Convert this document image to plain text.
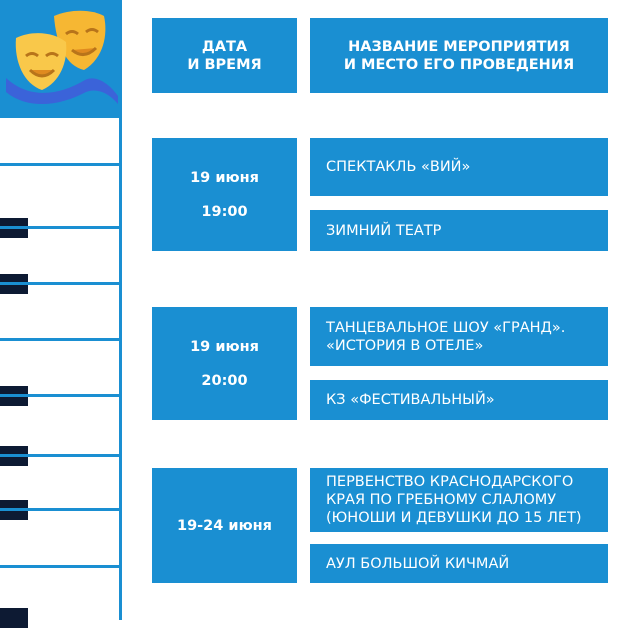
ДАТА
И ВРЕМЯ
НАЗВАНИЕ МЕРОПРИЯТИЯ
И МЕСТО ЕГО ПРОВЕДЕНИЯ
19 июня
19:00
СПЕКТАКЛЬ «ВИЙ»
ЗИМНИЙ ТЕАТР
19 июня
20:00
ТАНЦЕВАЛЬНОЕ ШОУ «ГРАНД».
«ИСТОРИЯ В ОТЕЛЕ»
КЗ «ФЕСТИВАЛЬНЫЙ»
19-24 июня
ПЕРВЕНСТВО КРАСНОДАРСКОГО
КРАЯ ПО ГРЕБНОМУ СЛАЛОМУ
(ЮНОШИ И ДЕВУШКИ ДО 15 ЛЕТ)
АУЛ БОЛЬШОЙ КИЧМАЙ
